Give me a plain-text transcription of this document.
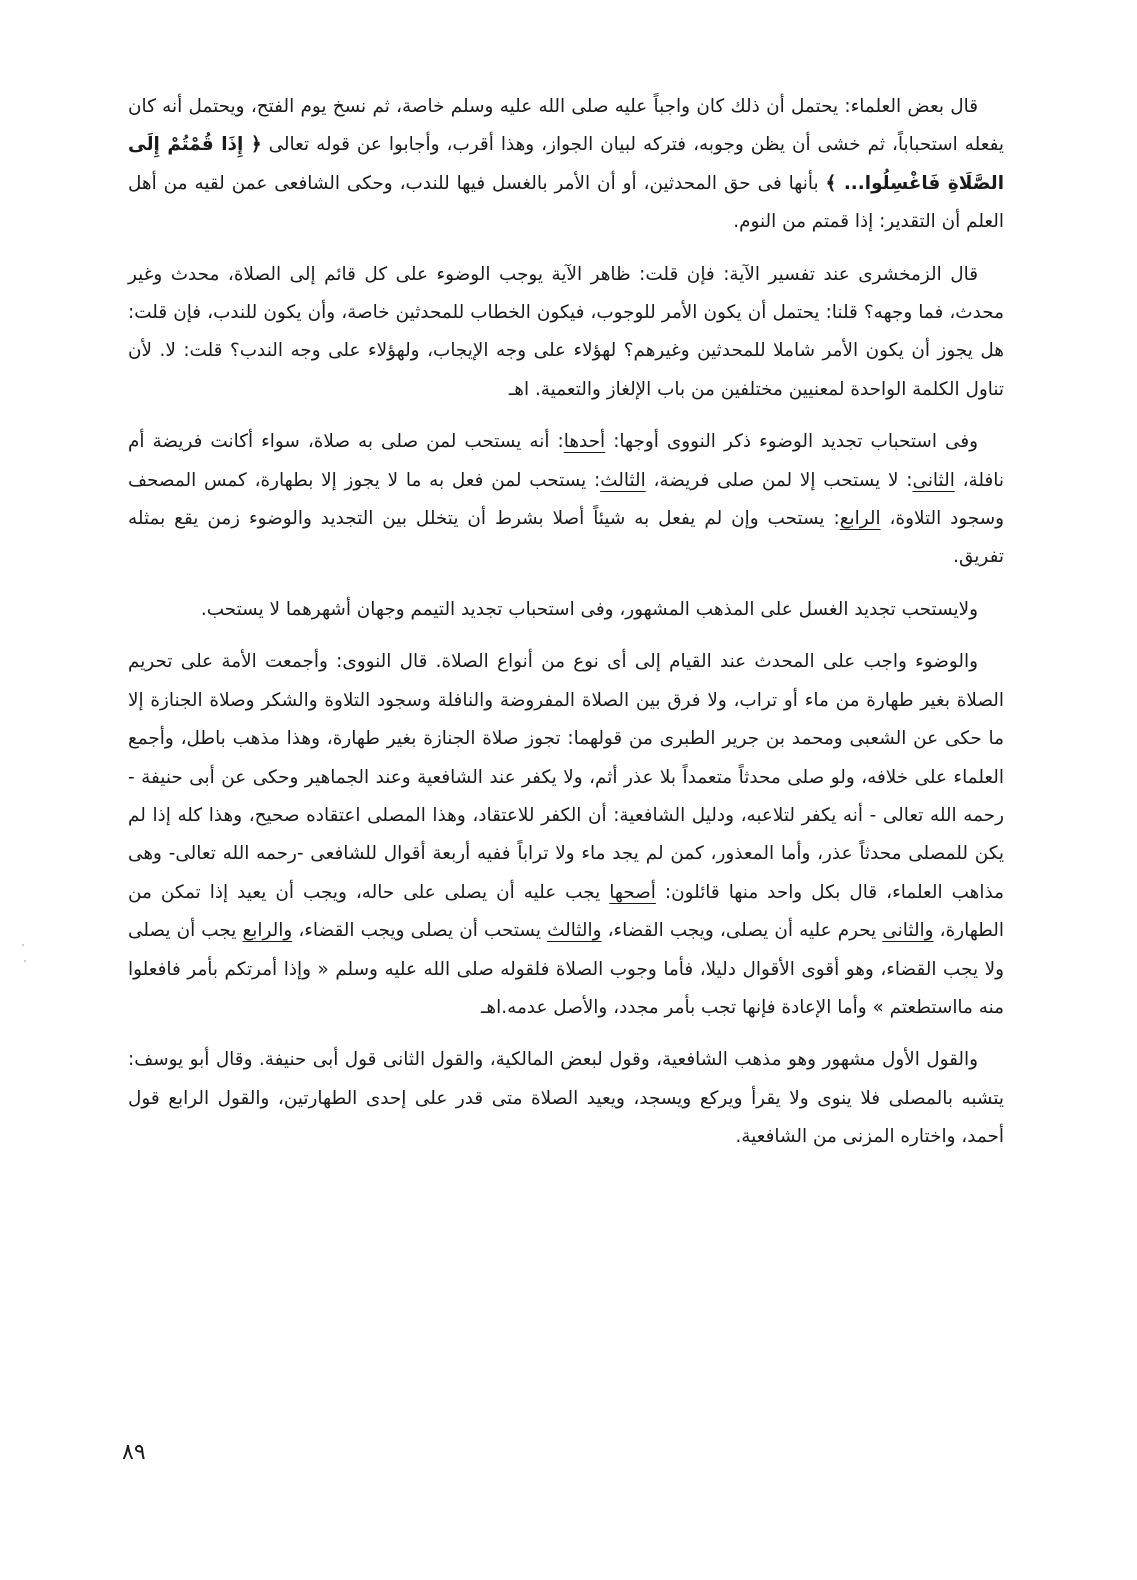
قال بعض العلماء: يحتمل أن ذلك كان واجباً عليه صلى الله عليه وسلم خاصة، ثم نسخ يوم الفتح، ويحتمل أنه كان يفعله استحباباً، ثم خشى أن يظن وجوبه، فتركه لبيان الجواز، وهذا أقرب، وأجابوا عن قوله تعالى ﴿ إِذَا قُمْتُمْ إِلَى الصَّلَاةِ فَاغْسِلُوا... ﴾ بأنها فى حق المحدثين، أو أن الأمر بالغسل فيها للندب، وحكى الشافعى عمن لقيه من أهل العلم أن التقدير: إذا قمتم من النوم.

قال الزمخشرى عند تفسير الآية: فإن قلت: ظاهر الآية يوجب الوضوء على كل قائم إلى الصلاة، محدث وغير محدث، فما وجهه؟ قلنا: يحتمل أن يكون الأمر للوجوب، فيكون الخطاب للمحدثين خاصة، وأن يكون للندب، فإن قلت: هل يجوز أن يكون الأمر شاملا للمحدثين وغيرهم؟ لهؤلاء على وجه الإيجاب، ولهؤلاء على وجه الندب؟ قلت: لا. لأن تناول الكلمة الواحدة لمعنيين مختلفين من باب الإلغاز والتعمية. اهـ

وفى استحباب تجديد الوضوء ذكر النووى أوجها: أحدها: أنه يستحب لمن صلى به صلاة، سواء أكانت فريضة أم نافلة، الثانى: لا يستحب إلا لمن صلى فريضة، الثالث: يستحب لمن فعل به ما لا يجوز إلا بطهارة، كمس المصحف وسجود التلاوة، الرابع: يستحب وإن لم يفعل به شيئاً أصلا بشرط أن يتخلل بين التجديد والوضوء زمن يقع بمثله تفريق.

ولايستحب تجديد الغسل على المذهب المشهور، وفى استحباب تجديد التيمم وجهان أشهرهما لا يستحب.

والوضوء واجب على المحدث عند القيام إلى أى نوع من أنواع الصلاة. قال النووى: وأجمعت الأمة على تحريم الصلاة بغير طهارة من ماء أو تراب، ولا فرق بين الصلاة المفروضة والنافلة وسجود التلاوة والشكر وصلاة الجنازة إلا ما حكى عن الشعبى ومحمد بن جرير الطبرى من قولهما: تجوز صلاة الجنازة بغير طهارة، وهذا مذهب باطل، وأجمع العلماء على خلافه، ولو صلى محدثاً متعمداً بلا عذر أثم، ولا يكفر عند الشافعية وعند الجماهير وحكى عن أبى حنيفة - رحمه الله تعالى - أنه يكفر لتلاعبه، ودليل الشافعية: أن الكفر للاعتقاد، وهذا المصلى اعتقاده صحيح، وهذا كله إذا لم يكن للمصلى محدثاً عذر، وأما المعذور، كمن لم يجد ماء ولا تراباً ففيه أربعة أقوال للشافعى -رحمه الله تعالى- وهى مذاهب العلماء، قال بكل واحد منها قائلون: أصحها يجب عليه أن يصلى على حاله، ويجب أن يعيد إذا تمكن من الطهارة، والثانى يحرم عليه أن يصلى، ويجب القضاء، والثالث يستحب أن يصلى ويجب القضاء، والرابع يجب أن يصلى ولا يجب القضاء، وهو أقوى الأقوال دليلا، فأما وجوب الصلاة فلقوله صلى الله عليه وسلم « وإذا أمرتكم بأمر فافعلوا منه مااستطعتم » وأما الإعادة فإنها تجب بأمر مجدد، والأصل عدمه.اهـ

والقول الأول مشهور وهو مذهب الشافعية، وقول لبعض المالكية، والقول الثانى قول أبى حنيفة. وقال أبو يوسف: يتشبه بالمصلى فلا ينوى ولا يقرأ ويركع ويسجد، ويعيد الصلاة متى قدر على إحدى الطهارتين، والقول الرابع قول أحمد، واختاره المزنى من الشافعية.

٨٩
